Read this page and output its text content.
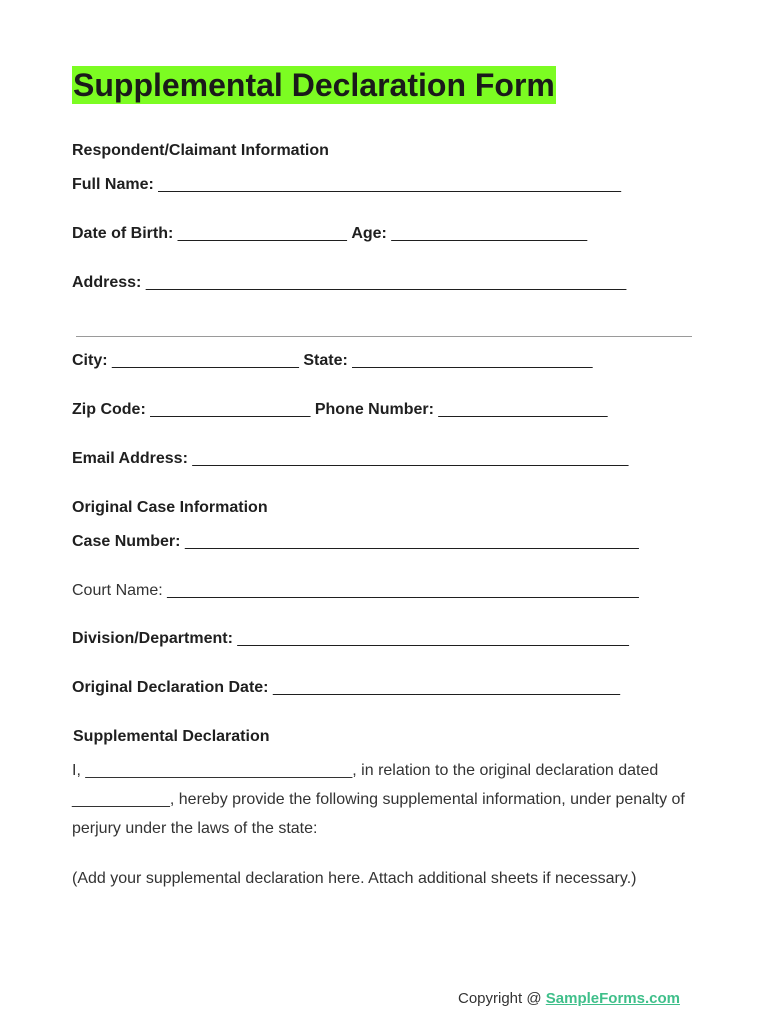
Supplemental Declaration Form
Respondent/Claimant Information
Full Name: ____________________________________________________
Date of Birth: ___________________ Age: ______________________
Address: ______________________________________________________
City: _____________________ State: ___________________________
Zip Code: __________________ Phone Number: ___________________
Email Address: _________________________________________________
Original Case Information
Case Number: ___________________________________________________
Court Name: _____________________________________________________
Division/Department: ____________________________________________
Original Declaration Date: _______________________________________
Supplemental Declaration
I, ______________________________, in relation to the original declaration dated
___________, hereby provide the following supplemental information, under penalty of
perjury under the laws of the state:
(Add your supplemental declaration here. Attach additional sheets if necessary.)
Copyright @ SampleForms.com
